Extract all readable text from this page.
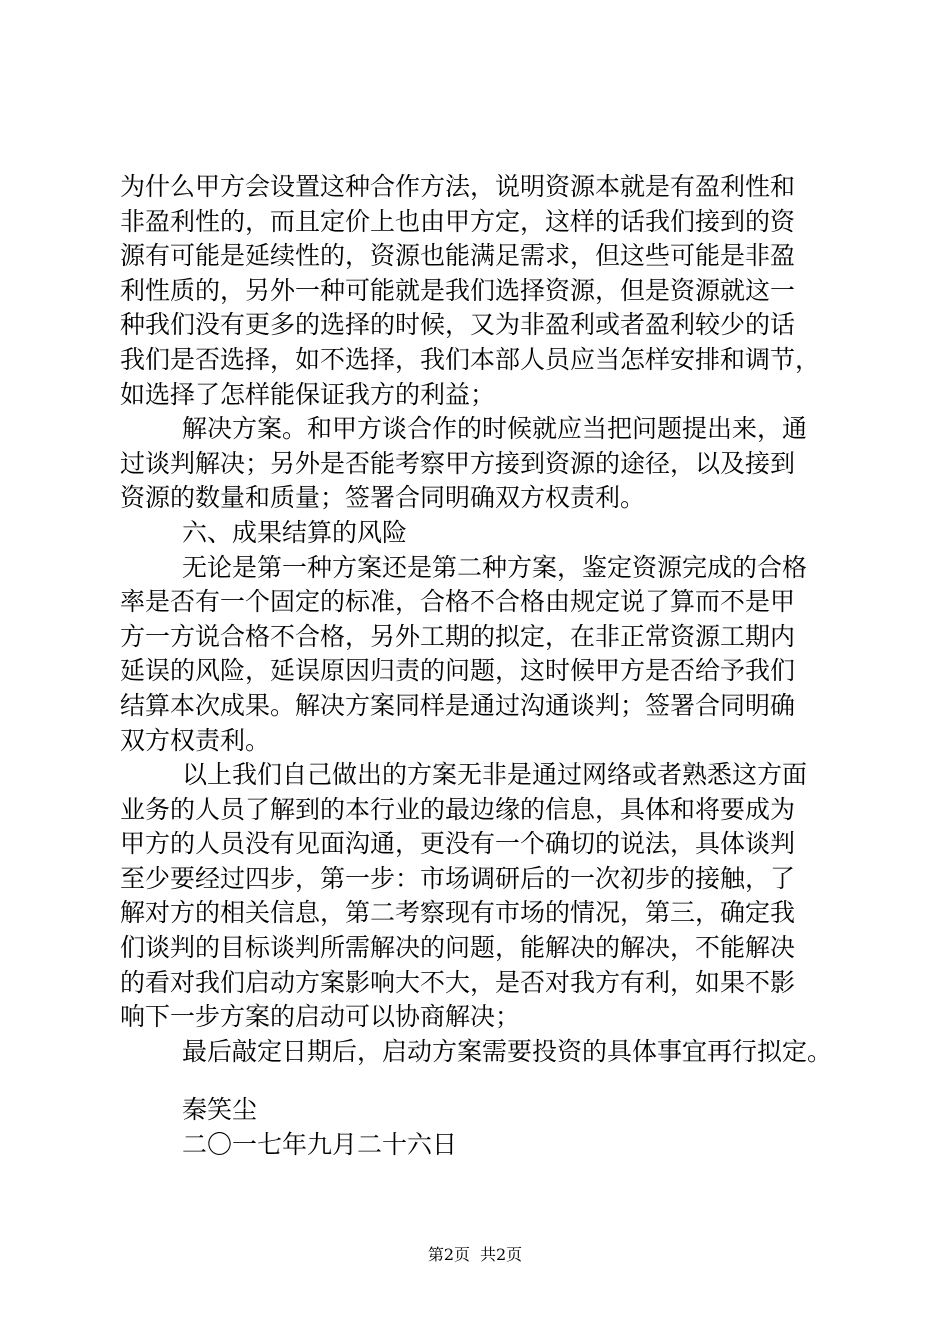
为什么甲方会设置这种合作方法，说明资源本就是有盈利性和
非盈利性的，而且定价上也由甲方定，这样的话我们接到的资
源有可能是延续性的，资源也能满足需求，但这些可能是非盈
利性质的，另外一种可能就是我们选择资源，但是资源就这一
种我们没有更多的选择的时候，又为非盈利或者盈利较少的话
我们是否选择，如不选择，我们本部人员应当怎样安排和调节，
如选择了怎样能保证我方的利益；
解决方案。和甲方谈合作的时候就应当把问题提出来，通
过谈判解决；另外是否能考察甲方接到资源的途径，以及接到
资源的数量和质量；签署合同明确双方权责利。
六、成果结算的风险
无论是第一种方案还是第二种方案，鉴定资源完成的合格
率是否有一个固定的标准，合格不合格由规定说了算而不是甲
方一方说合格不合格，另外工期的拟定，在非正常资源工期内
延误的风险，延误原因归责的问题，这时候甲方是否给予我们
结算本次成果。解决方案同样是通过沟通谈判；签署合同明确
双方权责利。
以上我们自己做出的方案无非是通过网络或者熟悉这方面
业务的人员了解到的本行业的最边缘的信息，具体和将要成为
甲方的人员没有见面沟通，更没有一个确切的说法，具体谈判
至少要经过四步，第一步：市场调研后的一次初步的接触，了
解对方的相关信息，第二考察现有市场的情况，第三，确定我
们谈判的目标谈判所需解决的问题，能解决的解决，不能解决
的看对我们启动方案影响大不大，是否对我方有利，如果不影
响下一步方案的启动可以协商解决；
最后敲定日期后，启动方案需要投资的具体事宜再行拟定。
秦笑尘
二〇一七年九月二十六日
第2页 共2页
